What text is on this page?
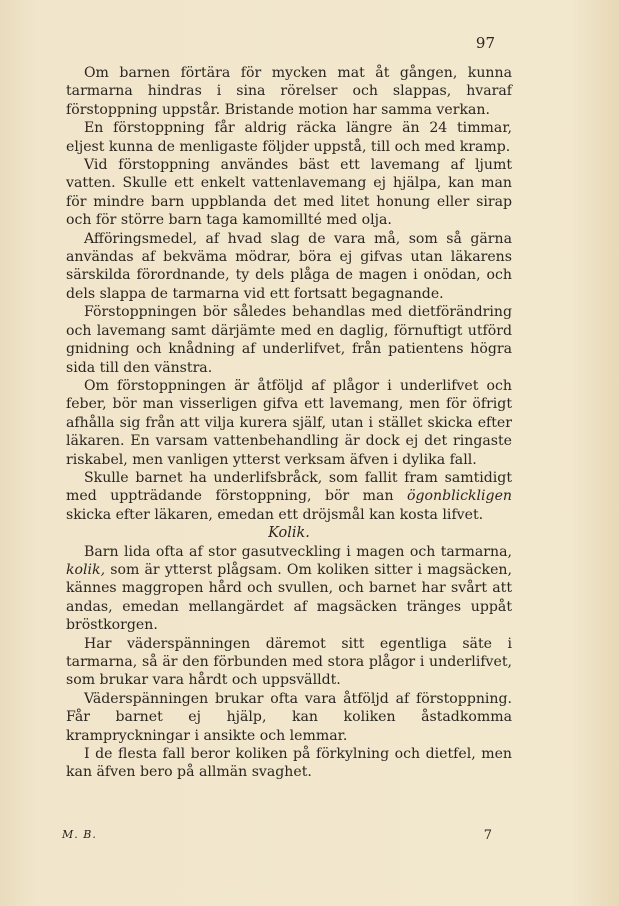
97

Om barnen förtära för mycken mat åt gången, kunna tarmarna hindras i sina rörelser och slappas, hvaraf förstoppning uppstår. Bristande motion har samma verkan.

En förstoppning får aldrig räcka längre än 24 timmar, eljest kunna de menligaste följder uppstå, till och med kramp.

Vid förstoppning användes bäst ett lavemang af ljumt vatten. Skulle ett enkelt vattenlavemang ej hjälpa, kan man för mindre barn uppblanda det med litet honung eller sirap och för större barn taga kamomillté med olja.

Afföringsmedel, af hvad slag de vara må, som så gärna användas af bekväma mödrar, böra ej gifvas utan läkarens särskilda förordnande, ty dels plåga de magen i onödan, och dels slappa de tarmarna vid ett fortsatt begagnande.

Förstoppningen bör således behandlas med dietförändring och lavemang samt därjämte med en daglig, förnuftigt utförd gnidning och knådning af underlifvet, från patientens högra sida till den vänstra.

Om förstoppningen är åtföljd af plågor i underlifvet och feber, bör man visserligen gifva ett lavemang, men för öfrigt afhålla sig från att vilja kurera själf, utan i stället skicka efter läkaren. En varsam vattenbehandling är dock ej det ringaste riskabel, men vanligen ytterst verksam äfven i dylika fall.

Skulle barnet ha underlifsbråck, som fallit fram samtidigt med uppträdande förstoppning, bör man ögonblickligen skicka efter läkaren, emedan ett dröjsmål kan kosta lifvet.

Kolik.

Barn lida ofta af stor gasutveckling i magen och tarmarna, kolik, som är ytterst plågsam. Om koliken sitter i magsäcken, kännes maggropen hård och svullen, och barnet har svårt att andas, emedan mellangärdet af magsäcken tränges uppåt bröstkorgen.

Har väderspänningen däremot sitt egentliga säte i tarmarna, så är den förbunden med stora plågor i underlifvet, som brukar vara hårdt och uppsvälldt.

Väderspänningen brukar ofta vara åtföljd af förstoppning. Får barnet ej hjälp, kan koliken åstadkomma krampryckningar i ansikte och lemmar.

I de flesta fall beror koliken på förkylning och dietfel, men kan äfven bero på allmän svaghet.

M. B.	7
